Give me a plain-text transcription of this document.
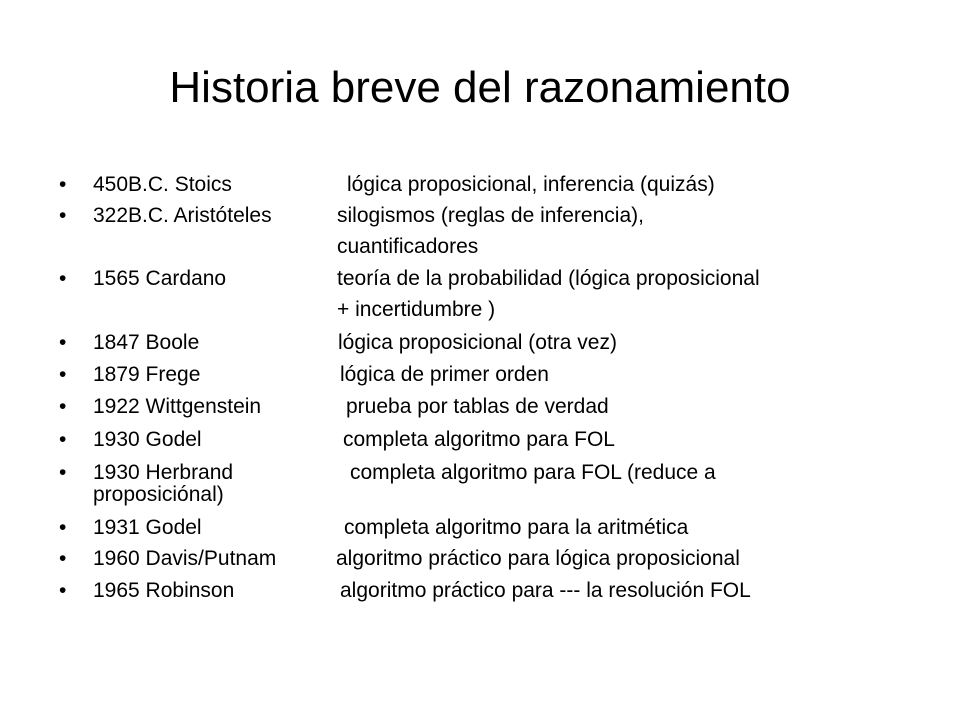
Historia breve del razonamiento
• 450B.C. Stoics	lógica proposicional, inferencia (quizás)
• 322B.C. Aristóteles	silogismos (reglas de inferencia),
cuantificadores
• 1565 Cardano	teoría de la probabilidad (lógica proposicional
+ incertidumbre )
• 1847 Boole	lógica proposicional (otra vez)
• 1879 Frege	lógica de primer orden
• 1922 Wittgenstein	prueba por tablas de verdad
• 1930 Godel	completa algoritmo para FOL
• 1930 Herbrand	completa algoritmo para FOL (reduce a
proposiciónal)
• 1931 Godel	completa algoritmo para la aritmética
• 1960 Davis/Putnam	algoritmo práctico para lógica proposicional
• 1965 Robinson	algoritmo práctico para --- la resolución FOL
